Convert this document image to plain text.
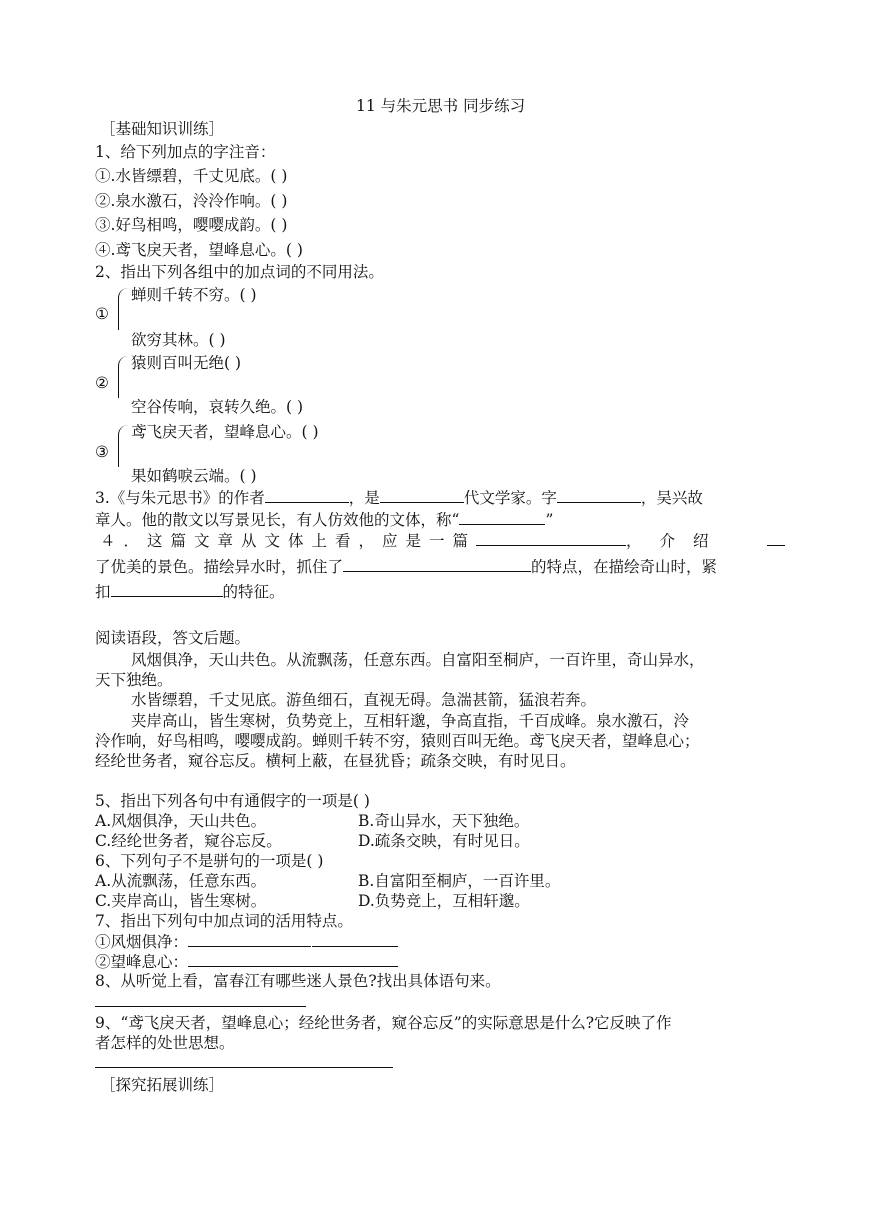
11 与朱元思书 同步练习
［基础知识训练］
1、给下列加点的字注音：
①.水皆缥碧，千丈见底。( )
②.泉水激石，泠泠作响。( )
③.好鸟相鸣，嘤嘤成韵。( )
④.鸢飞戾天者，望峰息心。( )
2、指出下列各组中的加点词的不同用法。
①
蝉则千转不穷。( )
欲穷其林。( )
②
猿则百叫无绝( )
空谷传响，哀转久绝。( )
③
鸢飞戾天者，望峰息心。( )
果如鹤唳云端。( )
3.《与朱元思书》的作者	，是	代文学家。字	，吴兴故
章人。他的散文以写景见长，有人仿效他的文体，称“	”
４．这篇文章从文体上看，应是一篇	，介绍
了优美的景色。描绘异水时，抓住了	的特点，在描绘奇山时，紧
扣	的特征。
阅读语段，答文后题。
风烟俱净，天山共色。从流飘荡，任意东西。自富阳至桐庐，一百许里，奇山异水，
天下独绝。
水皆缥碧，千丈见底。游鱼细石，直视无碍。急湍甚箭，猛浪若奔。
夹岸高山，皆生寒树，负势竞上，互相轩邈，争高直指，千百成峰。泉水激石，泠
泠作响，好鸟相鸣，嘤嘤成韵。蝉则千转不穷，猿则百叫无绝。鸢飞戾天者，望峰息心；
经纶世务者，窥谷忘反。横柯上蔽，在昼犹昏；疏条交映，有时见日。
5、指出下列各句中有通假字的一项是( )
A.风烟俱净，天山共色。	B.奇山异水，天下独绝。
C.经纶世务者，窥谷忘反。	D.疏条交映，有时见日。
6、下列句子不是骈句的一项是( )
A.从流飘荡，任意东西。	B.自富阳至桐庐，一百许里。
C.夹岸高山，皆生寒树。	D.负势竞上，互相轩邈。
7、指出下列句中加点词的活用特点。
①风烟俱净：
②望峰息心：
8、从听觉上看，富春江有哪些迷人景色?找出具体语句来。
9、“鸢飞戾天者，望峰息心；经纶世务者，窥谷忘反”的实际意思是什么?它反映了作
者怎样的处世思想。
［探究拓展训练］
